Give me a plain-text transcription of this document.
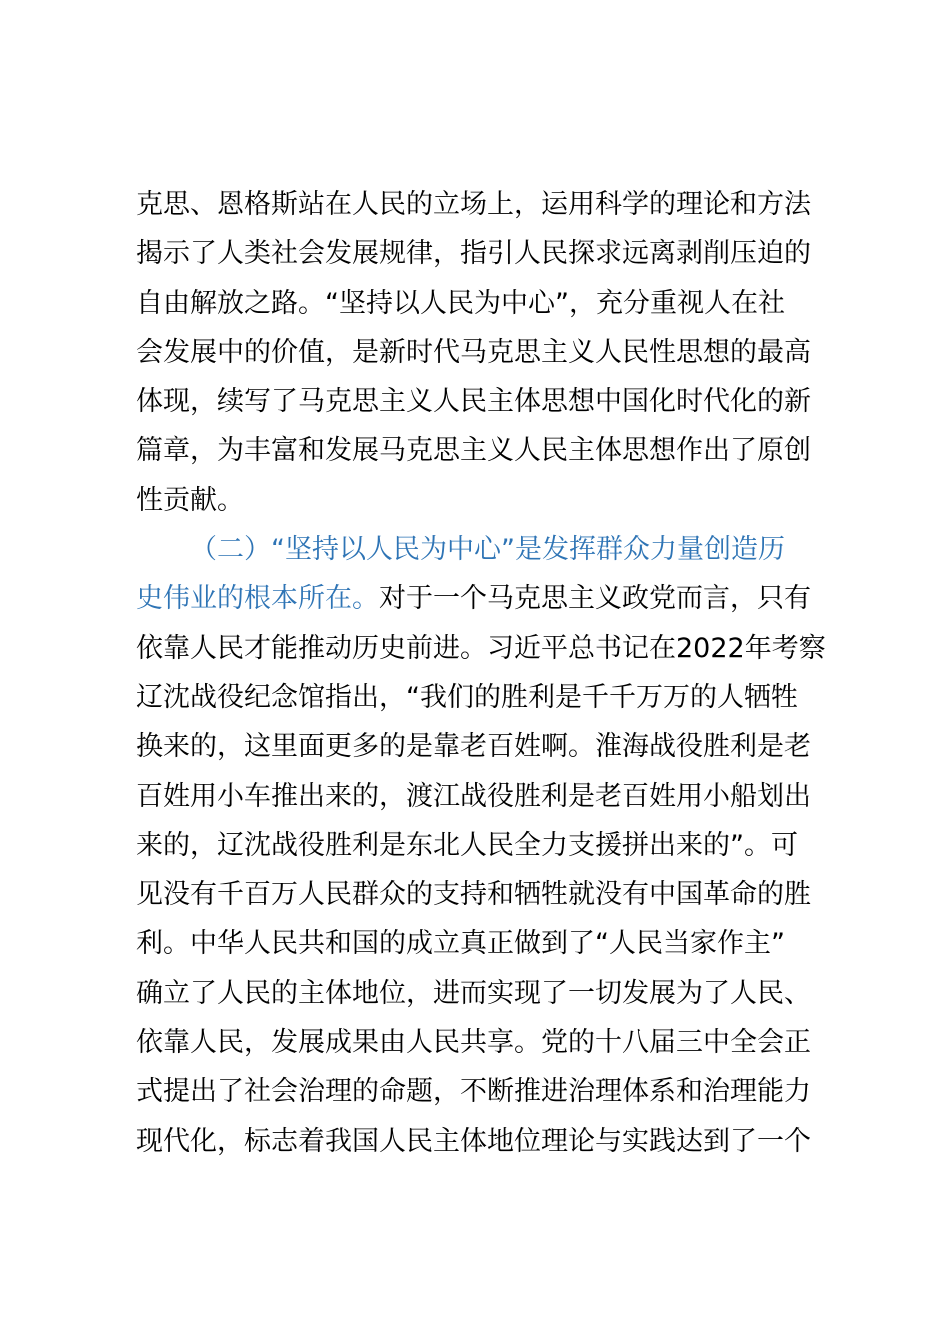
克思、恩格斯站在人民的立场上，运用科学的理论和方法
揭示了人类社会发展规律，指引人民探求远离剥削压迫的
自由解放之路。“坚持以人民为中心”，充分重视人在社
会发展中的价值，是新时代马克思主义人民性思想的最高
体现，续写了马克思主义人民主体思想中国化时代化的新
篇章，为丰富和发展马克思主义人民主体思想作出了原创
性贡献。
（二）“坚持以人民为中心”是发挥群众力量创造历
史伟业的根本所在。对于一个马克思主义政党而言，只有
依靠人民才能推动历史前进。习近平总书记在2022年考察
辽沈战役纪念馆指出，“我们的胜利是千千万万的人牺牲
换来的，这里面更多的是靠老百姓啊。淮海战役胜利是老
百姓用小车推出来的，渡江战役胜利是老百姓用小船划出
来的，辽沈战役胜利是东北人民全力支援拼出来的”。可
见没有千百万人民群众的支持和牺牲就没有中国革命的胜
利。中华人民共和国的成立真正做到了“人民当家作主”
确立了人民的主体地位，进而实现了一切发展为了人民、
依靠人民，发展成果由人民共享。党的十八届三中全会正
式提出了社会治理的命题，不断推进治理体系和治理能力
现代化，标志着我国人民主体地位理论与实践达到了一个
